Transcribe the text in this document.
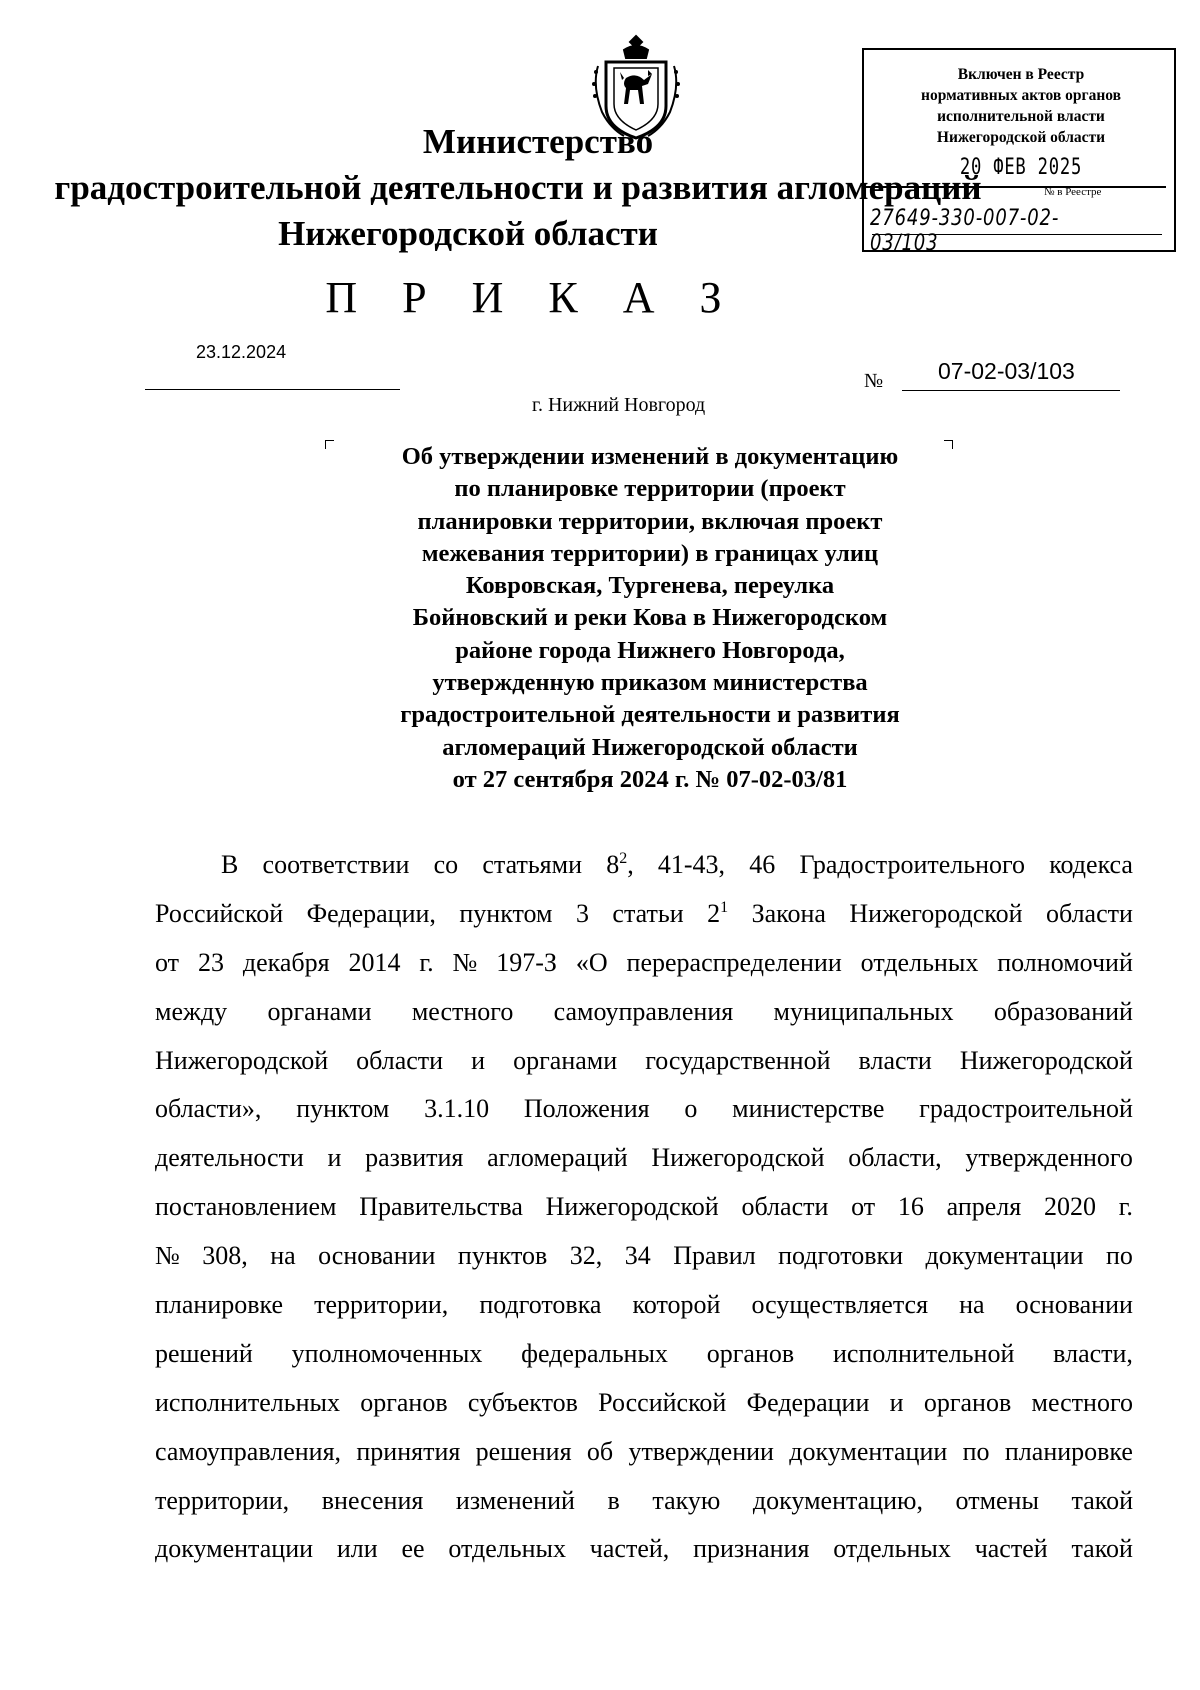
Министерство
градостроительной деятельности и развития агломераций
Нижегородской области
П Р И К А З
23.12.2024
№ 07-02-03/103
г. Нижний Новгород
Об утверждении изменений в документацию
по планировке территории (проект
планировки территории, включая проект
межевания территории) в границах улиц
Ковровская, Тургенева, переулка
Бойновский и реки Кова в Нижегородском
районе города Нижнего Новгорода,
утвержденную приказом министерства
градостроительной деятельности и развития
агломераций Нижегородской области
от 27 сентября 2024 г. № 07-02-03/81
В соответствии со статьями $8^2$, 41-43, 46 Градостроительного кодекса
Российской Федерации, пунктом 3 статьи $2^1$ Закона Нижегородской области
от 23 декабря 2014 г. № 197-З «О перераспределении отдельных полномочий
между органами местного самоуправления муниципальных образований
Нижегородской области и органами государственной власти Нижегородской
области», пунктом 3.1.10 Положения о министерстве градостроительной
деятельности и развития агломераций Нижегородской области, утвержденного
постановлением Правительства Нижегородской области от 16 апреля 2020 г.
№ 308, на основании пунктов 32, 34 Правил подготовки документации по
планировке территории, подготовка которой осуществляется на основании
решений уполномоченных федеральных органов исполнительной власти,
исполнительных органов субъектов Российской Федерации и органов местного
самоуправления, принятия решения об утверждении документации по планировке
территории, внесения изменений в такую документацию, отмены такой
документации или ее отдельных частей, признания отдельных частей такой
Включен в Реестр
нормативных актов органов
исполнительной власти
Нижегородской области
20 ФЕВ 2025
№ в Реестре
27649-330-007-02-03/103
